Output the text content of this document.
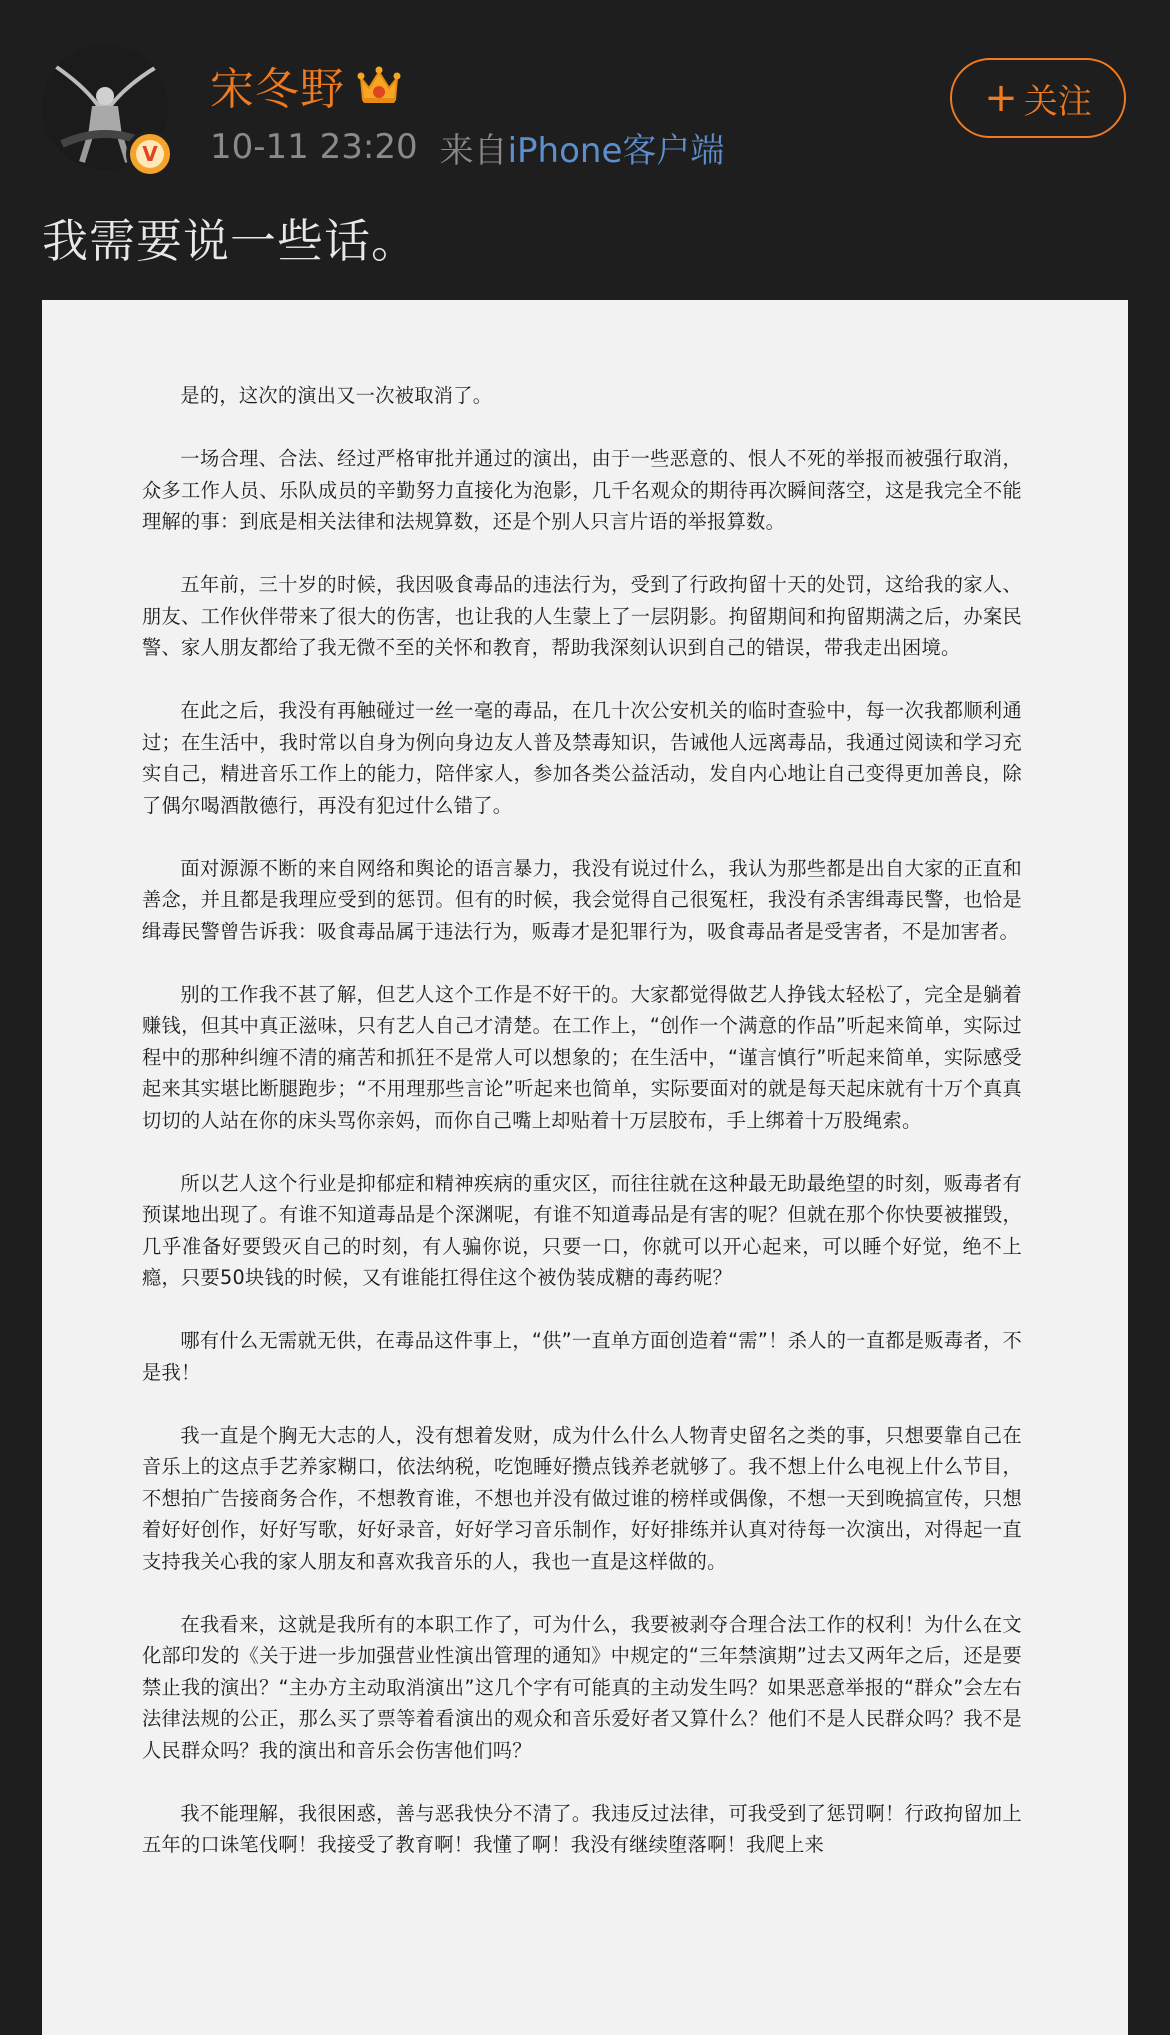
V
宋冬野
10-11 23:20 来自 iPhone客户端
+ 关注
我需要说一些话。

是的，这次的演出又一次被取消了。

一场合理、合法、经过严格审批并通过的演出，由于一些恶意的、恨人不死的举报而被强行取消，众多工作人员、乐队成员的辛勤努力直接化为泡影，几千名观众的期待再次瞬间落空，这是我完全不能理解的事：到底是相关法律和法规算数，还是个别人只言片语的举报算数。

五年前，三十岁的时候，我因吸食毒品的违法行为，受到了行政拘留十天的处罚，这给我的家人、朋友、工作伙伴带来了很大的伤害，也让我的人生蒙上了一层阴影。拘留期间和拘留期满之后，办案民警、家人朋友都给了我无微不至的关怀和教育，帮助我深刻认识到自己的错误，带我走出困境。

在此之后，我没有再触碰过一丝一毫的毒品，在几十次公安机关的临时查验中，每一次我都顺利通过；在生活中，我时常以自身为例向身边友人普及禁毒知识，告诫他人远离毒品，我通过阅读和学习充实自己，精进音乐工作上的能力，陪伴家人，参加各类公益活动，发自内心地让自己变得更加善良，除了偶尔喝酒散德行，再没有犯过什么错了。

面对源源不断的来自网络和舆论的语言暴力，我没有说过什么，我认为那些都是出自大家的正直和善念，并且都是我理应受到的惩罚。但有的时候，我会觉得自己很冤枉，我没有杀害缉毒民警，也恰是缉毒民警曾告诉我：吸食毒品属于违法行为，贩毒才是犯罪行为，吸食毒品者是受害者，不是加害者。

别的工作我不甚了解，但艺人这个工作是不好干的。大家都觉得做艺人挣钱太轻松了，完全是躺着赚钱，但其中真正滋味，只有艺人自己才清楚。在工作上，“创作一个满意的作品”听起来简单，实际过程中的那种纠缠不清的痛苦和抓狂不是常人可以想象的；在生活中，“谨言慎行”听起来简单，实际感受起来其实堪比断腿跑步；“不用理那些言论”听起来也简单，实际要面对的就是每天起床就有十万个真真切切的人站在你的床头骂你亲妈，而你自己嘴上却贴着十万层胶布，手上绑着十万股绳索。

所以艺人这个行业是抑郁症和精神疾病的重灾区，而往往就在这种最无助最绝望的时刻，贩毒者有预谋地出现了。有谁不知道毒品是个深渊呢，有谁不知道毒品是有害的呢？但就在那个你快要被摧毁，几乎准备好要毁灭自己的时刻，有人骗你说，只要一口，你就可以开心起来，可以睡个好觉，绝不上瘾，只要50块钱的时候，又有谁能扛得住这个被伪装成糖的毒药呢？

哪有什么无需就无供，在毒品这件事上，“供”一直单方面创造着“需”！杀人的一直都是贩毒者，不是我！

我一直是个胸无大志的人，没有想着发财，成为什么什么人物青史留名之类的事，只想要靠自己在音乐上的这点手艺养家糊口，依法纳税，吃饱睡好攒点钱养老就够了。我不想上什么电视上什么节目，不想拍广告接商务合作，不想教育谁，不想也并没有做过谁的榜样或偶像，不想一天到晚搞宣传，只想着好好创作，好好写歌，好好录音，好好学习音乐制作，好好排练并认真对待每一次演出，对得起一直支持我关心我的家人朋友和喜欢我音乐的人，我也一直是这样做的。

在我看来，这就是我所有的本职工作了，可为什么，我要被剥夺合理合法工作的权利！为什么在文化部印发的《关于进一步加强营业性演出管理的通知》中规定的“三年禁演期”过去又两年之后，还是要禁止我的演出？“主办方主动取消演出”这几个字有可能真的主动发生吗？如果恶意举报的“群众”会左右法律法规的公正，那么买了票等着看演出的观众和音乐爱好者又算什么？他们不是人民群众吗？我不是人民群众吗？我的演出和音乐会伤害他们吗？

我不能理解，我很困惑，善与恶我快分不清了。我违反过法律，可我受到了惩罚啊！行政拘留加上五年的口诛笔伐啊！我接受了教育啊！我懂了啊！我没有继续堕落啊！我爬上来
